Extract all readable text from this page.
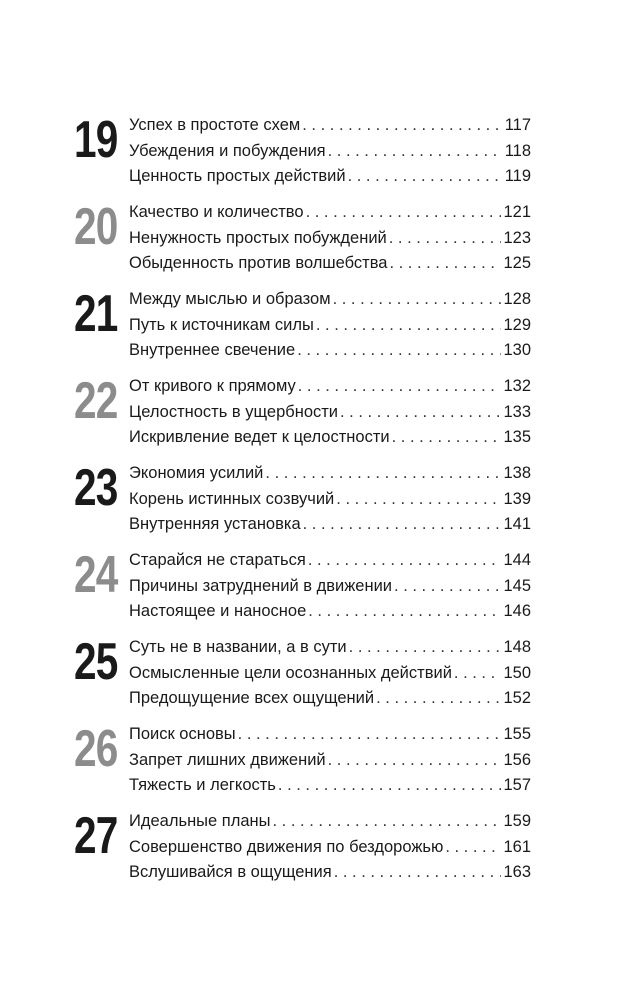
19 Успех в простоте схем . . .	117
Убеждения и побуждения . . .	118
Ценность простых действий . . .	119
20 Качество и количество . . .	121
Ненужность простых побуждений . . .	123
Обыденность против волшебства . . .	125
21 Между мыслью и образом . . .	128
Путь к источникам силы . . .	129
Внутреннее свечение . . .	130
22 От кривого к прямому . . .	132
Целостность в ущербности . . .	133
Искривление ведет к целостности . . .	135
23 Экономия усилий . . .	138
Корень истинных созвучий . . .	139
Внутренняя установка . . .	141
24 Старайся не стараться . . .	144
Причины затруднений в движении . . .	145
Настоящее и наносное . . .	146
25 Суть не в названии, а в сути . . .	148
Осмысленные цели осознанных действий . . .	150
Предощущение всех ощущений . . .	152
26 Поиск основы . . .	155
Запрет лишних движений . . .	156
Тяжесть и легкость . . .	157
27 Идеальные планы . . .	159
Совершенство движения по бездорожью . . .	161
Вслушивайся в ощущения . . .	163
